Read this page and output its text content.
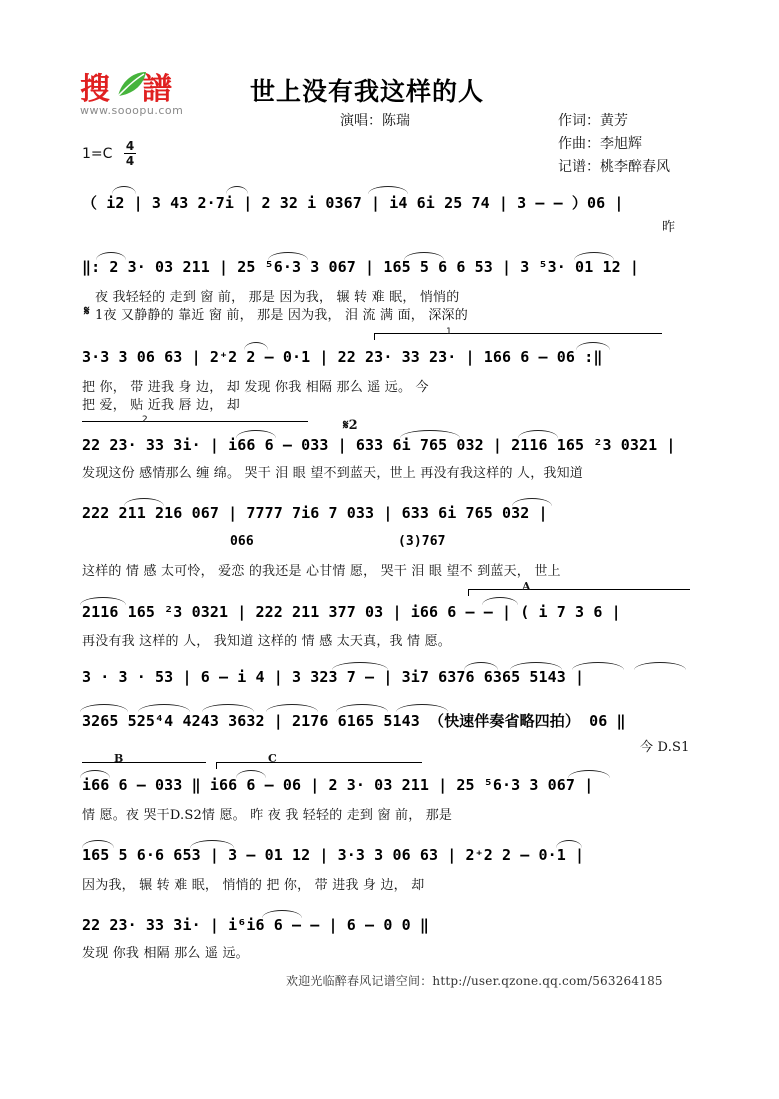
搜 譜
www.sooopu.com
世上没有我这样的人
演唱：陈瑞	作词：黄芳
作曲：李旭辉
记谱：桃李醉春风
1=C 4
4
（ i2 | 3 43 2·7i | 2 32 i 0367 | i4 6i 25 74 | 3 – – ）06 |
昨
‖: 2 3· 03 211 | 25 ⁵6·3 3 067 | 165 5 6 6 53 | 3 ⁵3· 01 12 |
夜 我轻轻的 走到 窗 前， 那是 因为我， 辗 转 难 眠， 悄悄的
𝄋 1夜 又静静的 靠近 窗 前， 那是 因为我， 泪 流 满 面， 深深的
1
3·3 3 06 63 | 2⁺2 2 – 0·1 | 22 23· 33 23· | 166 6 – 06 :‖
把 你， 带 进我 身 边， 却 发现 你我 相隔 那么 遥 远。 今
把 爱， 贴 近我 唇 边， 却
2	𝄋2
22 23· 33 3i· | i66 6 – 033 | 633 6i 765 032 | 2116 165 ²3 0321 |
发现这份 感情那么 缠 绵。 哭干 泪 眼 望不到蓝天，世上 再没有我这样的 人，我知道
222 211 216 067 | 7777 7i6 7 033 | 633 6i 765 032 |
066	(3)767
这样的 情 感 太可怜， 爱恋 的我还是 心甘情 愿， 哭干 泪 眼 望不 到蓝天， 世上
A
2116 165 ²3 0321 | 222 211 377 03 | i66 6 – – | ( i 7 3 6 |
再没有我 这样的 人， 我知道 这样的 情 感 太天真，我 情 愿。
3 · 3 · 53 | 6 – i 4 | 3 323 7 – | 3i7 6376 6365 5143 |
3265 525⁴4 4243 3632 | 2176 6165 5143 （快速伴奏省略四拍） 06 ‖
今 D.S1
B	C
i66 6 – 033 ‖ i66 6 – 06 | 2 3· 03 211 | 25 ⁵6·3 3 067 |
情 愿。夜 哭干D.S2情 愿。 昨 夜 我 轻轻的 走到 窗 前， 那是
165 5 6·6 653 | 3 – 01 12 | 3·3 3 06 63 | 2⁺2 2 – 0·1 |
因为我， 辗 转 难 眠， 悄悄的 把 你， 带 进我 身 边， 却
22 23· 33 3i· | i⁶i6 6 – – | 6 – 0 0 ‖
发现 你我 相隔 那么 遥 远。
欢迎光临醉春风记谱空间：http://user.qzone.qq.com/563264185
